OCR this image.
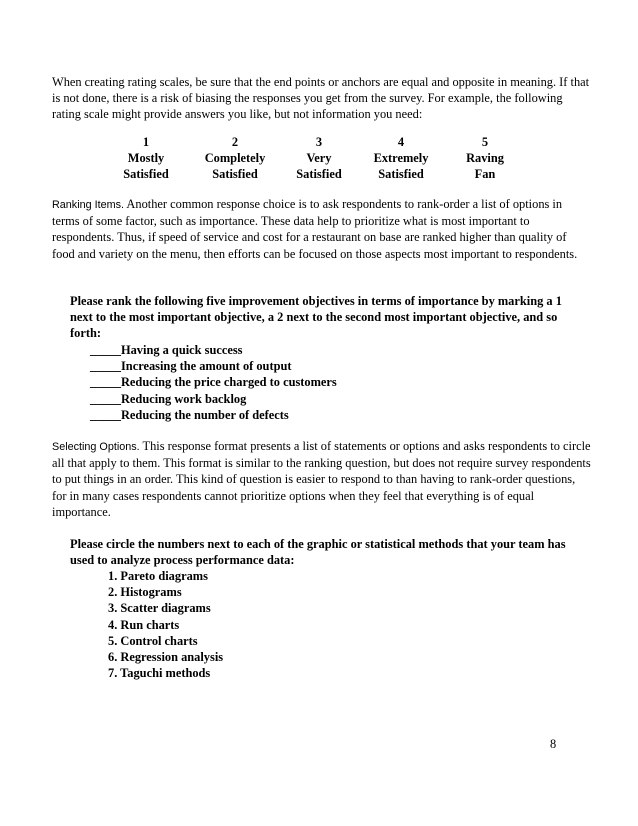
When creating rating scales, be sure that the end points or anchors are equal and opposite in meaning. If that is not done, there is a risk of biasing the responses you get from the survey. For example, the following rating scale might provide answers you like, but not information you need:

1
Mostly
Satisfied
2
Completely
Satisfied
3
Very
Satisfied
4
Extremely
Satisfied
5
Raving
Fan

Ranking Items. Another common response choice is to ask respondents to rank-order a list of options in terms of some factor, such as importance. These data help to prioritize what is most important to respondents. Thus, if speed of service and cost for a restaurant on base are ranked higher than quality of food and variety on the menu, then efforts can be focused on those aspects most important to respondents.

Please rank the following five improvement objectives in terms of importance by marking a 1 next to the most important objective, a 2 next to the second most important objective, and so forth:

_____Having a quick success
_____Increasing the amount of output
_____Reducing the price charged to customers
_____Reducing work backlog
_____Reducing the number of defects

Selecting Options. This response format presents a list of statements or options and asks respondents to circle all that apply to them. This format is similar to the ranking question, but does not require survey respondents to put things in an order. This kind of question is easier to respond to than having to rank-order questions, for in many cases respondents cannot prioritize options when they feel that everything is of equal importance.

Please circle the numbers next to each of the graphic or statistical methods that your team has used to analyze process performance data:

1. Pareto diagrams
2. Histograms
3. Scatter diagrams
4. Run charts
5. Control charts
6. Regression analysis
7. Taguchi methods
8
